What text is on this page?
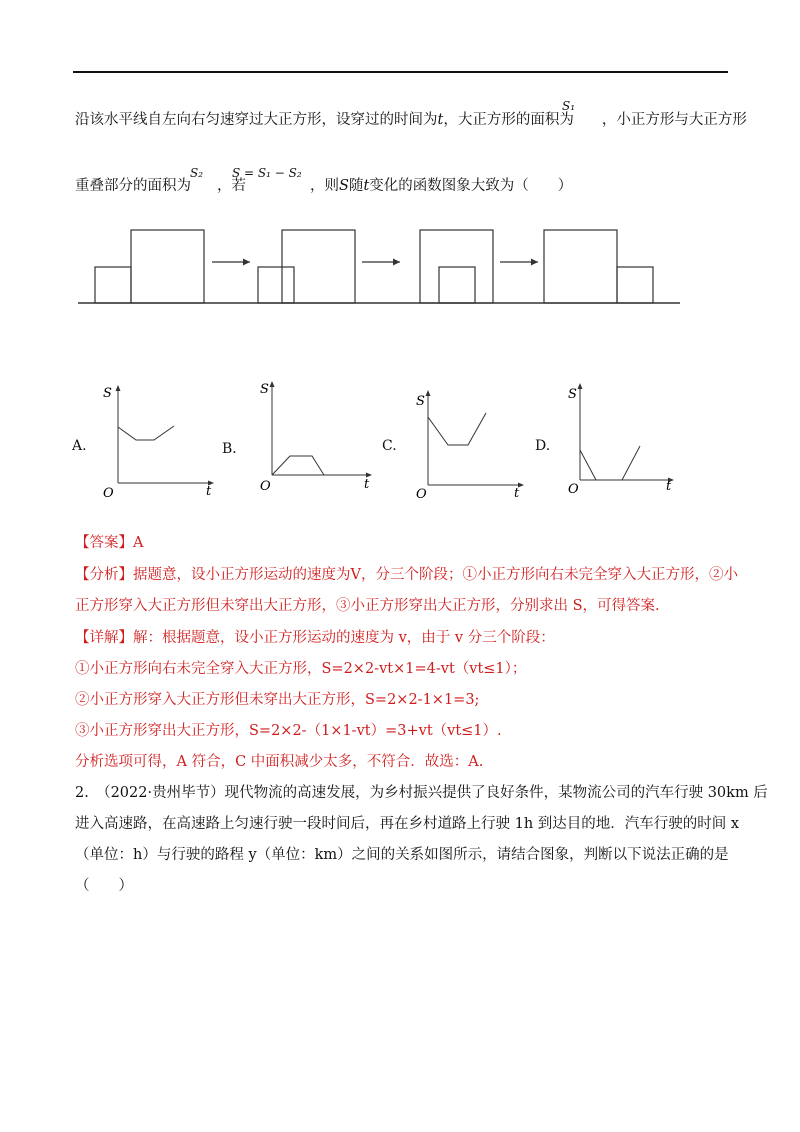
沿该水平线自左向右匀速穿过大正方形，设穿过的时间为t，大正方形的面积为 ，小正方形与大正方形
S₁
重叠部分的面积为 ，若	，则S随t变化的函数图象大致为（　　）
S₂ S = S₁ − S₂
A.
S
O	t
B．
S
O	t
C.
S
O	t
D.
S
O	t
【答案】A
【分析】据题意，设小正方形运动的速度为V，分三个阶段；①小正方形向右未完全穿入大正方形，②小
正方形穿入大正方形但未穿出大正方形，③小正方形穿出大正方形，分别求出 S，可得答案.
【详解】解：根据题意，设小正方形运动的速度为 v，由于 v 分三个阶段：
①小正方形向右未完全穿入大正方形，S=2×2-vt×1=4-vt（vt≤1）；
②小正方形穿入大正方形但未穿出大正方形，S=2×2-1×1=3;
③小正方形穿出大正方形，S=2×2-（1×1-vt）=3+vt（vt≤1）.
分析选项可得，A 符合，C 中面积减少太多，不符合．故选：A.
2.　（2022·贵州毕节）现代物流的高速发展，为乡村振兴提供了良好条件，某物流公司的汽车行驶 30km 后
进入高速路，在高速路上匀速行驶一段时间后，再在乡村道路上行驶 1h 到达目的地．汽车行驶的时间 x
（单位：h）与行驶的路程 y（单位：km）之间的关系如图所示，请结合图象，判断以下说法正确的是
（　　）
